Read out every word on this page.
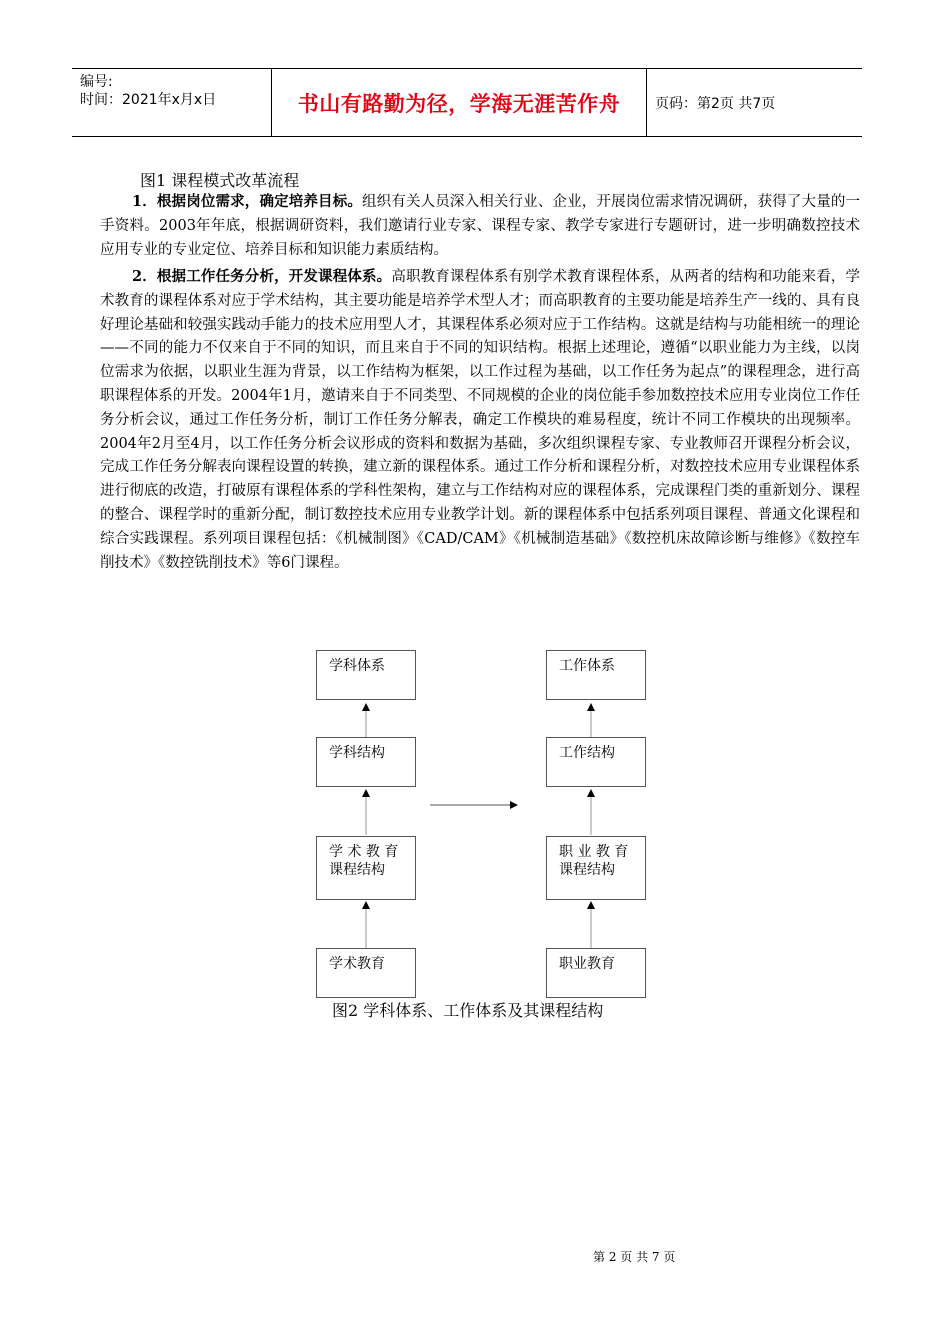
编号:
时间：2021年x月x日	书山有路勤为径，学海无涯苦作舟 页码：第2页 共7页
图1 课程模式改革流程
1．根据岗位需求，确定培养目标。组织有关人员深入相关行业、企业，开展岗位需求情况调研，获得了大量的一手资料。2003年年底，根据调研资料，我们邀请行业专家、课程专家、教学专家进行专题研讨，进一步明确数控技术应用专业的专业定位、培养目标和知识能力素质结构。
2．根据工作任务分析，开发课程体系。高职教育课程体系有别学术教育课程体系，从两者的结构和功能来看，学术教育的课程体系对应于学术结构，其主要功能是培养学术型人才；而高职教育的主要功能是培养生产一线的、具有良好理论基础和较强实践动手能力的技术应用型人才，其课程体系必须对应于工作结构。这就是结构与功能相统一的理论——不同的能力不仅来自于不同的知识，而且来自于不同的知识结构。根据上述理论，遵循“以职业能力为主线，以岗位需求为依据，以职业生涯为背景，以工作结构为框架，以工作过程为基础，以工作任务为起点”的课程理念，进行高职课程体系的开发。2004年1月，邀请来自于不同类型、不同规模的企业的岗位能手参加数控技术应用专业岗位工作任务分析会议，通过工作任务分析，制订工作任务分解表，确定工作模块的难易程度，统计不同工作模块的出现频率。2004年2月至4月，以工作任务分析会议形成的资料和数据为基础，多次组织课程专家、专业教师召开课程分析会议，完成工作任务分解表向课程设置的转换，建立新的课程体系。通过工作分析和课程分析，对数控技术应用专业课程体系进行彻底的改造，打破原有课程体系的学科性架构，建立与工作结构对应的课程体系，完成课程门类的重新划分、课程的整合、课程学时的重新分配，制订数控技术应用专业教学计划。新的课程体系中包括系列项目课程、普通文化课程和综合实践课程。系列项目课程包括：《机械制图》《CAD/CAM》《机械制造基础》《数控机床故障诊断与维修》《数控车削技术》《数控铣削技术》等6门课程。
学科体系
学科结构
学 术 教 育
课程结构
学术教育
工作体系
工作结构
职 业 教 育
课程结构
职业教育
图2 学科体系、工作体系及其课程结构
第 2 页 共 7 页
